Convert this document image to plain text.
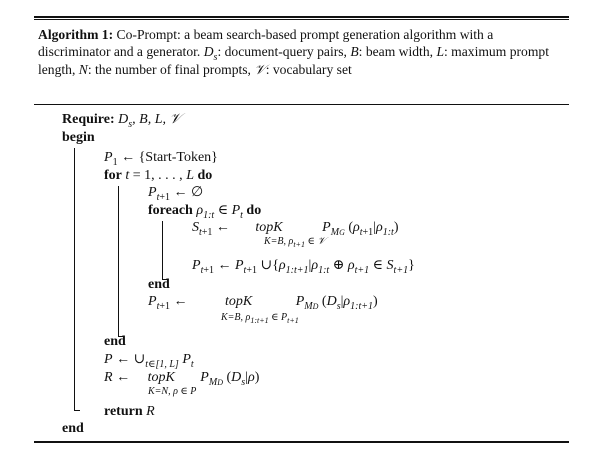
Algorithm 1: Co-Prompt: a beam search-based prompt generation algorithm with a discriminator and a generator. $D_s$: document-query pairs, B: beam width, L: maximum prompt length, N: the number of final prompts, 𝒱: vocabulary set
Require: $D_s$, B, L, 𝒱
begin
$P_1$ ← {Start-Token}
for t = 1, . . . , L do
$P_{t+1}$ ← ∅
foreach $\rho_{1:t}$ ∈ $P_t$ do
$S_{t+1}$ ← topK	$P_{MG}$ $(\rho_{t+1}|\rho_{1:t})$
K=B, $\rho_{t+1}$ ∈ 𝒱
$P_{t+1}$ ← $P_{t+1}$ $\cup\{\rho_{1:t+1}|\rho_{1:t}$ ⊕ $\rho_{t+1}$ ∈ $S_{t+1}$}
end
$P_{t+1}$ ← topK	$P_{MD}$ $(D_s|\rho_{1:t+1})$
K=B, $\rho_{1:t+1}$ ∈ $P_{t+1}$
end
P ← $\cup_{t\in[1, L]}$ $P_t$
R ← topK $P_{MD}$ $(D_s|\rho)$
K=N, ρ ∈ P
return R
end
